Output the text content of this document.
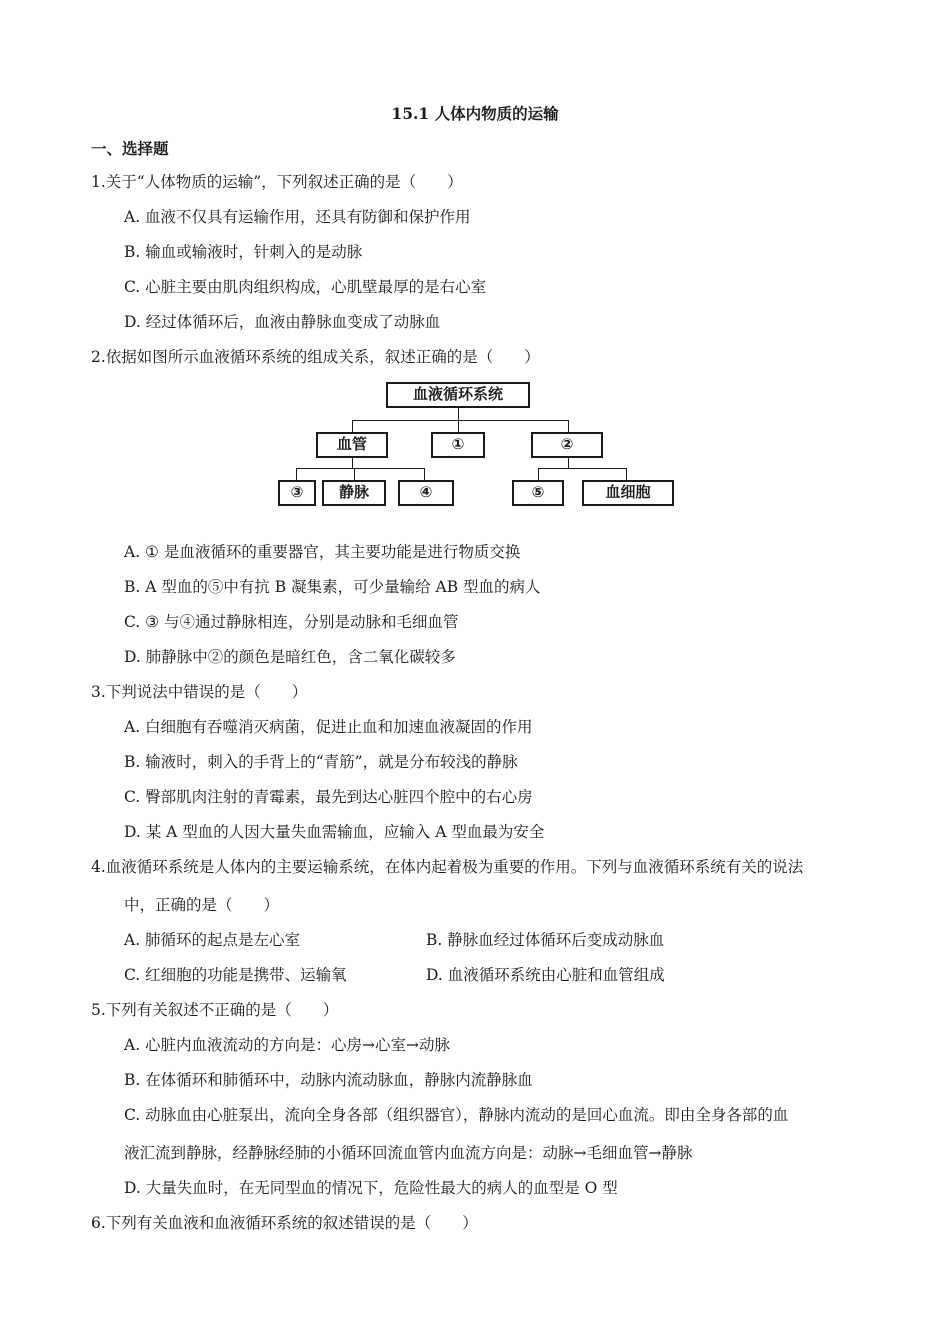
15.1 人体内物质的运输
一、选择题
1.关于“人体物质的运输”，下列叙述正确的是（　　）
A. 血液不仅具有运输作用，还具有防御和保护作用
B. 输血或输液时，针刺入的是动脉
C. 心脏主要由肌肉组织构成，心肌壁最厚的是右心室
D. 经过体循环后，血液由静脉血变成了动脉血
2.依据如图所示血液循环系统的组成关系，叙述正确的是（　　）
血液循环系统
血管	①	②
③	静脉	④	⑤	血细胞
A. ① 是血液循环的重要器官，其主要功能是进行物质交换
B. A 型血的⑤中有抗 B 凝集素，可少量输给 AB 型血的病人
C. ③ 与④通过静脉相连，分别是动脉和毛细血管
D. 肺静脉中②的颜色是暗红色，含二氧化碳较多
3.下判说法中错误的是（　　）
A. 白细胞有吞噬消灭病菌，促进止血和加速血液凝固的作用
B. 输液时，刺入的手背上的“青筋”，就是分布较浅的静脉
C. 臀部肌肉注射的青霉素，最先到达心脏四个腔中的右心房
D. 某 A 型血的人因大量失血需输血，应输入 A 型血最为安全
4.血液循环系统是人体内的主要运输系统，在体内起着极为重要的作用。下列与血液循环系统有关的说法
中，正确的是（　　）
A. 肺循环的起点是左心室	B. 静脉血经过体循环后变成动脉血
C. 红细胞的功能是携带、运输氧	D. 血液循环系统由心脏和血管组成
5.下列有关叙述不正确的是（　　）
A. 心脏内血液流动的方向是：心房→心室→动脉
B. 在体循环和肺循环中，动脉内流动脉血，静脉内流静脉血
C. 动脉血由心脏泵出，流向全身各部（组织器官），静脉内流动的是回心血流。即由全身各部的血
液汇流到静脉，经静脉经肺的小循环回流血管内血流方向是：动脉→毛细血管→静脉
D. 大量失血时，在无同型血的情况下，危险性最大的病人的血型是 O 型
6.下列有关血液和血液循环系统的叙述错误的是（　　）
